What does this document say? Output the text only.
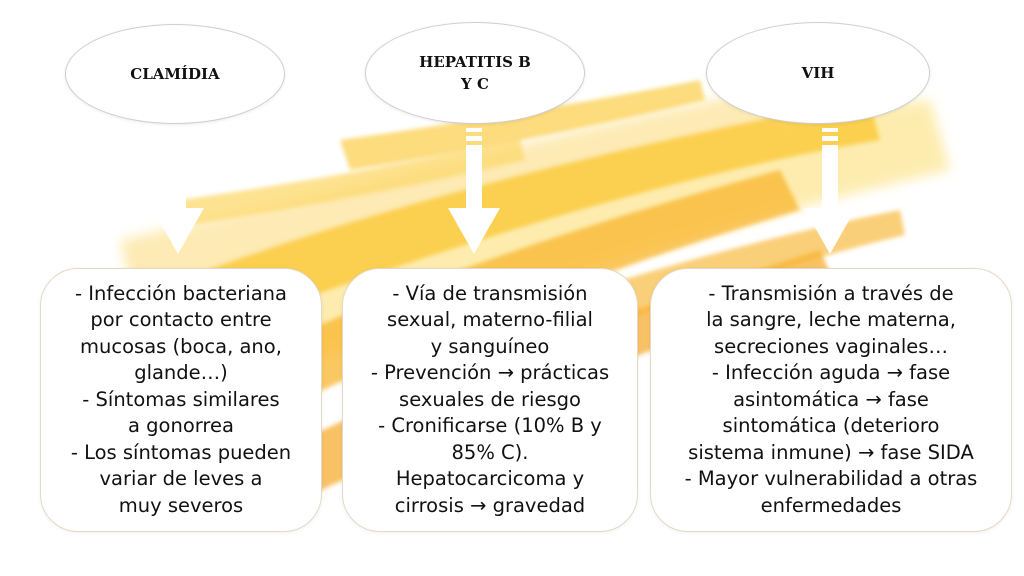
CLAMÍDIA
- Infección bacteriana
por contacto entre
mucosas (boca, ano,
glande…)
- Síntomas similares
a gonorrea
- Los síntomas pueden
variar de leves a
muy severos
HEPATITIS B
Y C
- Vía de transmisión
sexual, materno-filial
y sanguíneo
- Prevención → prácticas
sexuales de riesgo
- Cronificarse (10% B y
85% C).
Hepatocarcicoma y
cirrosis → gravedad
VIH
- Transmisión a través de
la sangre, leche materna,
secreciones vaginales…
- Infección aguda → fase
asintomática → fase
sintomática (deterioro
sistema inmune) → fase SIDA
- Mayor vulnerabilidad a otras
enfermedades
